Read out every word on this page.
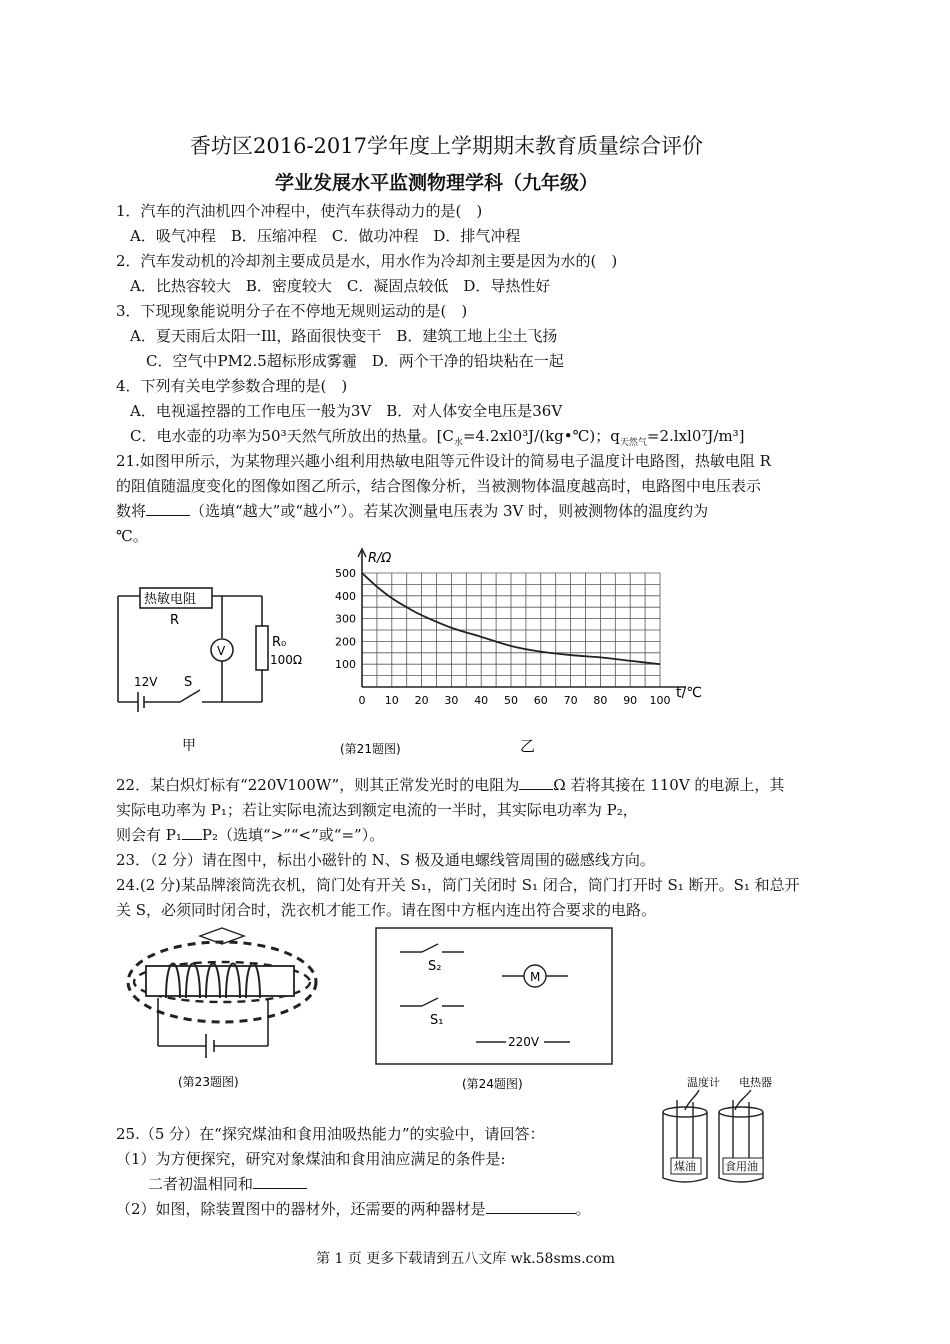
香坊区2016-2017学年度上学期期末教育质量综合评价
学业发展水平监测物理学科（九年级）
1．汽车的汽油机四个冲程中，使汽车获得动力的是(　)
A．吸气冲程　B．压缩冲程　C．做功冲程　D．排气冲程
2．汽车发动机的冷却剂主要成员是水，用水作为冷却剂主要是因为水的(　)
A．比热容较大　B．密度较大　C．凝固点较低　D．导热性好
3．下现现象能说明分子在不停地无规则运动的是(　)
A．夏天雨后太阳一Ill，路面很快变干　B．建筑工地上尘土飞扬
C．空气中PM2.5超标形成雾霾　D．两个干净的铅块粘在一起
4．下列有关电学参数合理的是(　)
A．电视遥控器的工作电压一般为3V　B．对人体安全电压是36V
C．电水壶的功率为50³天然气所放出的热量。[$C_水=4.2xl0^3J/(kg•℃)$；$q_{天然气}=2.lxl0^7J/m^3$]
21.如图甲所示，为某物理兴趣小组利用热敏电阻等元件设计的简易电子温度计电路图，热敏电阻 R
的阻值随温度变化的图像如图乙所示，结合图像分析，当被测物体温度越高时，电路图中电压表示
数将	（选填“越大”或“越小”）。若某次测量电压表为 3V 时，则被测物体的温度约为
℃。
热敏电阻
R
V
R₀
100Ω
12V S
甲
0 10 20 30 40 50 60 70 80 90 100
100
200
300
400
500
R/Ω
t/℃
(第21题图)	乙
22．某白炽灯标有“220V100W”，则其正常发光时的电阻为 Ω 若将其接在 110V 的电源上，其
实际电功率为 P₁；若让实际电流达到额定电流的一半时，其实际电功率为 P₂，
则会有 P₁ P₂（选填“>”“<”或“=”）。
23．（2 分）请在图中，标出小磁针的 N、S 极及通电螺线管周围的磁感线方向。
24.(2 分)某品牌滚筒洗衣机，筒门处有开关 S₁，筒门关闭时 S₁ 闭合，筒门打开时 S₁ 断开。S₁ 和总开
关 S，必须同时闭合时，洗衣机才能工作。请在图中方框内连出符合要求的电路。
(第23题图)
S₂
S₁
M
220V
(第24题图)
25.（5 分）在“探究煤油和食用油吸热能力”的实验中，请回答：
（1）为方便探究，研究对象煤油和食用油应满足的条件是:
二者初温相同和
（2）如图，除装置图中的器材外，还需要的两种器材是	。
温度计 电热器
煤油	食用油
第 1 页 更多下载请到五八文库 wk.58sms.com
